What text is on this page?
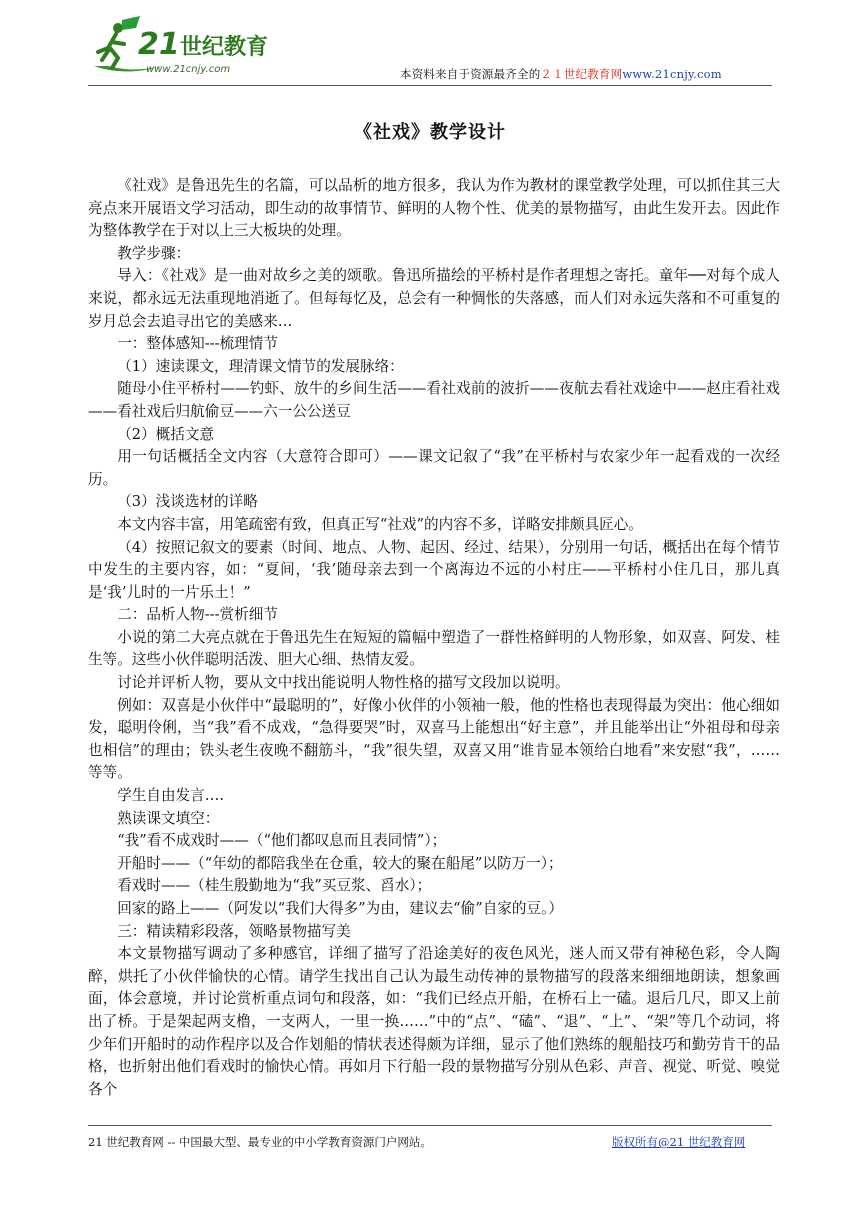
21 世纪教育
www.21cnjy.com	本资料来自于资源最齐全的２１世纪教育网www.21cnjy.com
《社戏》教学设计

《社戏》是鲁迅先生的名篇，可以品析的地方很多，我认为作为教材的课堂教学处理，可以抓住其三大亮点来开展语文学习活动，即生动的故事情节、鲜明的人物个性、优美的景物描写，由此生发开去。因此作为整体教学在于对以上三大板块的处理。

教学步骤：

导入：《社戏》是一曲对故乡之美的颂歌。鲁迅所描绘的平桥村是作者理想之寄托。童年──对每个成人来说，都永远无法重现地消逝了。但每每忆及，总会有一种惆怅的失落感，而人们对永远失落和不可重复的岁月总会去追寻出它的美感来…

一：整体感知---梳理情节

（1）速读课文，理清课文情节的发展脉络：

随母小住平桥村——钓虾、放牛的乡间生活——看社戏前的波折——夜航去看社戏途中——赵庄看社戏——看社戏后归航偷豆——六一公公送豆

（2）概括文意

用一句话概括全文内容（大意符合即可）——课文记叙了“我”在平桥村与农家少年一起看戏的一次经历。

（3）浅谈选材的详略

本文内容丰富，用笔疏密有致，但真正写“社戏”的内容不多，详略安排颇具匠心。

（4）按照记叙文的要素（时间、地点、人物、起因、经过、结果），分别用一句话，概括出在每个情节中发生的主要内容，如：“夏间，‘我’随母亲去到一个离海边不远的小村庄——平桥村小住几日，那儿真是‘我’儿时的一片乐土！”

二：品析人物---赏析细节

小说的第二大亮点就在于鲁迅先生在短短的篇幅中塑造了一群性格鲜明的人物形象，如双喜、阿发、桂生等。这些小伙伴聪明活泼、胆大心细、热情友爱。

讨论并评析人物，要从文中找出能说明人物性格的描写文段加以说明。

例如：双喜是小伙伴中“最聪明的”，好像小伙伴的小领袖一般，他的性格也表现得最为突出：他心细如发，聪明伶俐，当“我”看不成戏，“急得要哭”时，双喜马上能想出“好主意”，并且能举出让“外祖母和母亲也相信”的理由；铁头老生夜晚不翻筋斗，“我”很失望，双喜又用“谁肯显本领给白地看”来安慰“我”，……等等。

学生自由发言….

熟读课文填空：

“我”看不成戏时——（“他们都叹息而且表同情”）；

开船时——（“年幼的都陪我坐在仓重，较大的聚在船尾”以防万一）；

看戏时——（桂生殷勤地为“我”买豆浆、舀水）；

回家的路上——（阿发以“我们大得多”为由，建议去“偷”自家的豆。）

三：精读精彩段落，领略景物描写美

本文景物描写调动了多种感官，详细了描写了沿途美好的夜色风光，迷人而又带有神秘色彩，令人陶醉，烘托了小伙伴愉快的心情。请学生找出自己认为最生动传神的景物描写的段落来细细地朗读，想象画面，体会意境，并讨论赏析重点词句和段落，如：“我们已经点开船，在桥石上一磕。退后几尺，即又上前出了桥。于是架起两支橹，一支两人，一里一换……”中的“点”、“磕”、“退”、“上”、“架”等几个动词，将少年们开船时的动作程序以及合作划船的情状表述得颇为详细，显示了他们熟练的舰船技巧和勤劳肯干的品格，也折射出他们看戏时的愉快心情。再如月下行船一段的景物描写分别从色彩、声音、视觉、听觉、嗅觉各个

21 世纪教育网 -- 中国最大型、最专业的中小学教育资源门户网站。	版权所有@21 世纪教育网
